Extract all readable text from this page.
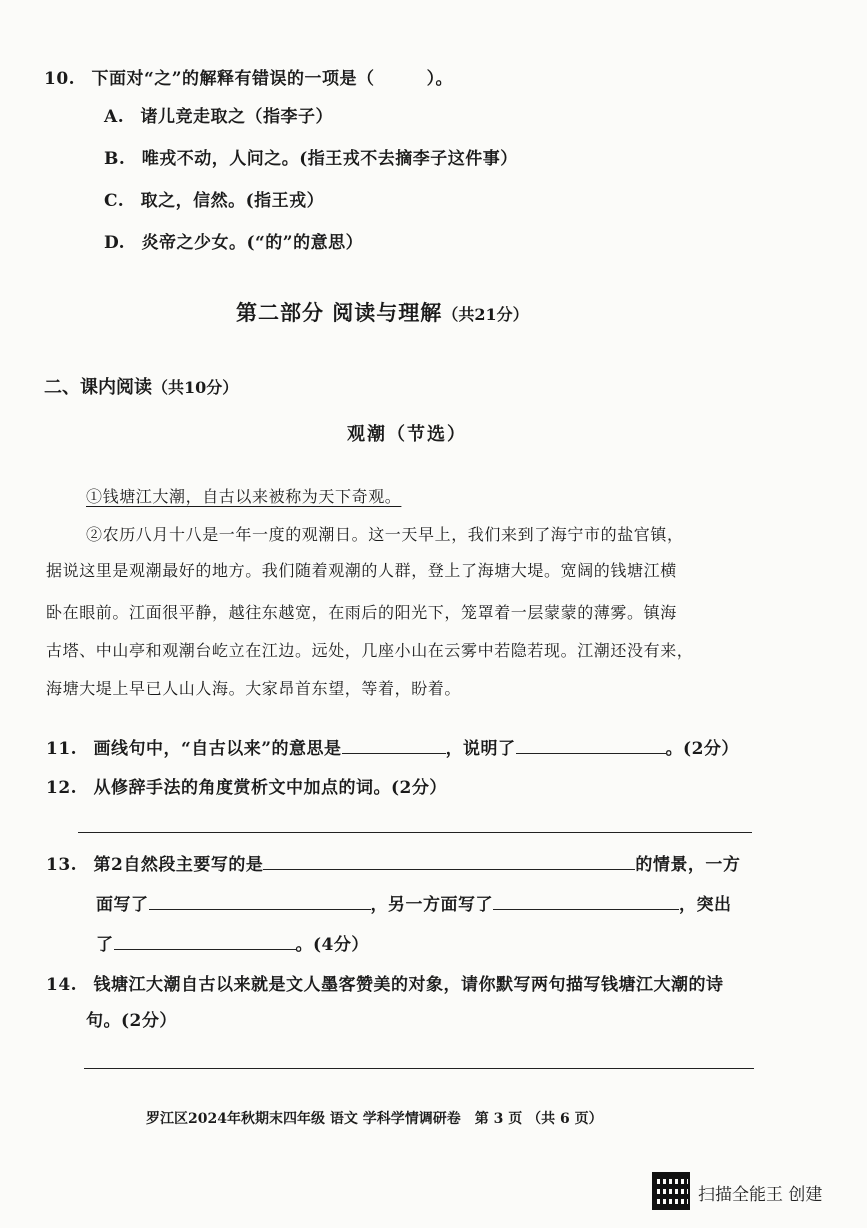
10. 下面对“之”的解释有错误的一项是（	）。
A. 诸儿竞走取之（指李子）
B. 唯戎不动，人问之。(指王戎不去摘李子这件事）
C. 取之，信然。(指王戎）
D. 炎帝之少女。(“的”的意思）
第二部分 阅读与理解（共21分）
二、课内阅读（共10分）
观潮（节选）
①钱塘江大潮，自古以来被称为天下奇观。
②农历八月十八是一年一度的观潮日。这一天早上，我们来到了海宁市的盐官镇，
据说这里是观潮最好的地方。我们随着观潮的人群，登上了海塘大堤。宽阔的钱塘江横
卧在眼前。江面很平静，越往东越宽，在雨后的阳光下，笼罩着一层蒙蒙的薄雾。镇海
古塔、中山亭和观潮台屹立在江边。远处，几座小山在云雾中若隐若现。江潮还没有来，
海塘大堤上早已人山人海。大家昂首东望，等着，盼着。
11. 画线句中，“自古以来”的意思是	，说明了	。(2分）
12. 从修辞手法的角度赏析文中加点的词。(2分）
13. 第2自然段主要写的是	的情景，一方
面写了	，另一方面写了	，突出
了	。(4分）
14. 钱塘江大潮自古以来就是文人墨客赞美的对象，请你默写两句描写钱塘江大潮的诗
句。(2分）
罗江区2024年秋期末四年级 语文 学科学情调研卷　第 3 页 （共 6 页）
扫描全能王 创建
